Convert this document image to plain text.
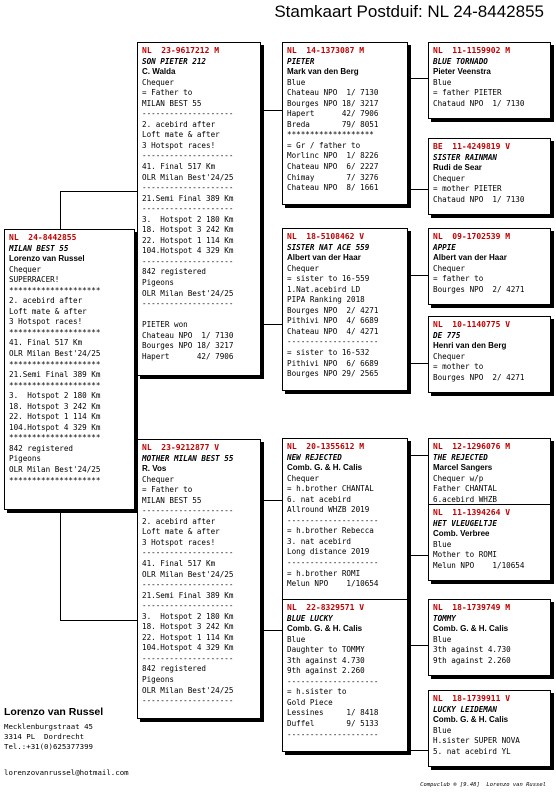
Stamkaart Postduif: NL 24-8442855
NL  24-8442855
MILAN BEST 55
Lorenzo van Russel
Chequer
SUPERRACER!
********************
2. acebird after
Loft mate & after
3 Hotspot races!
********************
41. Final 517 Km
OLR Milan Best'24/25
********************
21.Semi Final 389 Km
********************
3.  Hotspot 2 180 Km
18. Hotspot 3 242 Km
22. Hotspot 1 114 Km
104.Hotspot 4 329 Km
********************
842 registered
Pigeons
OLR Milan Best'24/25
********************
NL  23-9617212 M
SON PIETER 212
C. Walda
Chequer
= Father to
MILAN BEST 55
--------------------
2. acebird after
Loft mate & after
3 Hotspot races!
--------------------
41. Final 517 Km
OLR Milan Best'24/25
--------------------
21.Semi Final 389 Km
--------------------
3.  Hotspot 2 180 Km
18. Hotspot 3 242 Km
22. Hotspot 1 114 Km
104.Hotspot 4 329 Km
--------------------
842 registered
Pigeons
OLR Milan Best'24/25
--------------------
PIETER won
Chateau NPO  1/ 7130
Bourges NPO 18/ 3217
Hapert      42/ 7906
NL  23-9212877 V
MOTHER MILAN BEST 55
R. Vos
Chequer
= Father to
MILAN BEST 55
--------------------
2. acebird after
Loft mate & after
3 Hotspot races!
--------------------
41. Final 517 Km
OLR Milan Best'24/25
--------------------
21.Semi Final 389 Km
--------------------
3.  Hotspot 2 180 Km
18. Hotspot 3 242 Km
22. Hotspot 1 114 Km
104.Hotspot 4 329 Km
--------------------
842 registered
Pigeons
OLR Milan Best'24/25
--------------------
NL  14-1373087 M
PIETER
Mark van den Berg
Blue
Chateau NPO  1/ 7130
Bourges NPO 18/ 3217
Hapert      42/ 7906
Breda       79/ 8051
*******************
= Gr / father to
Morlinc NPO  1/ 8226
Chateau NPO  6/ 2227
Chimay       7/ 3276
Chateau NPO  8/ 1661
NL  18-5108462 V
SISTER NAT ACE 559
Albert van der Haar
Chequer
= sister to 16-559
1.Nat.acebird LD
PIPA Ranking 2018
Bourges NPO  2/ 4271
Pithivi NPO  4/ 6689
Chateau NPO  4/ 4271
--------------------
= sister to 16-532
Pithivi NPO  6/ 6689
Bourges NPO 29/ 2565
NL  20-1355612 M
NEW REJECTED
Comb. G. & H. Calis
Chequer
= h.brother CHANTAL
6. nat acebird
Allround WHZB 2019
--------------------
= h.brother Rebecca
3. nat acebird
Long distance 2019
--------------------
= h.brother ROMI
Melun NPO    1/10654
NL  22-8329571 V
BLUE LUCKY
Comb. G. & H. Calis
Blue
Daughter to TOMMY
3th against 4.730
9th against 2.260
--------------------
= h.sister to
Gold Piece
Lessines     1/ 8418
Duffel       9/ 5133
--------------------
NL  11-1159902 M
BLUE TORNADO
Pieter Veenstra
Blue
= father PIETER
Chataud NPO  1/ 7130
BE  11-4249819 V
SISTER RAINMAN
Rudi de Sear
Chequer
= mother PIETER
Chataud NPO  1/ 7130
NL  09-1702539 M
APPIE
Albert van der Haar
Chequer
= father to
Bourges NPO  2/ 4271
NL  10-1140775 V
DE 775
Henri van den Berg
Chequer
= mother to
Bourges NPO  2/ 4271
NL  12-1296076 M
THE REJECTED
Marcel Sangers
Chequer w/p
Father CHANTAL
6.acebird WHZB
NL  11-1394264 V
HET VLEUGELTJE
Comb. Verbree
Blue
Mother to ROMI
Melun NPO    1/10654
NL  18-1739749 M
TOMMY
Comb. G. & H. Calis
Blue
3th against 4.730
9th against 2.260
NL  18-1739911 V
LUCKY LEIDEMAN
Comb. G. & H. Calis
Blue
H.sister SUPER NOVA
5. nat acebird YL
Lorenzo van Russel
Mecklenburgstraat 45
3314 PL  Dordrecht
Tel.:+31(0)625377399
lorenzovanrussel@hotmail.com
Compuclub ® [9.48]  Lorenzo van Russel
